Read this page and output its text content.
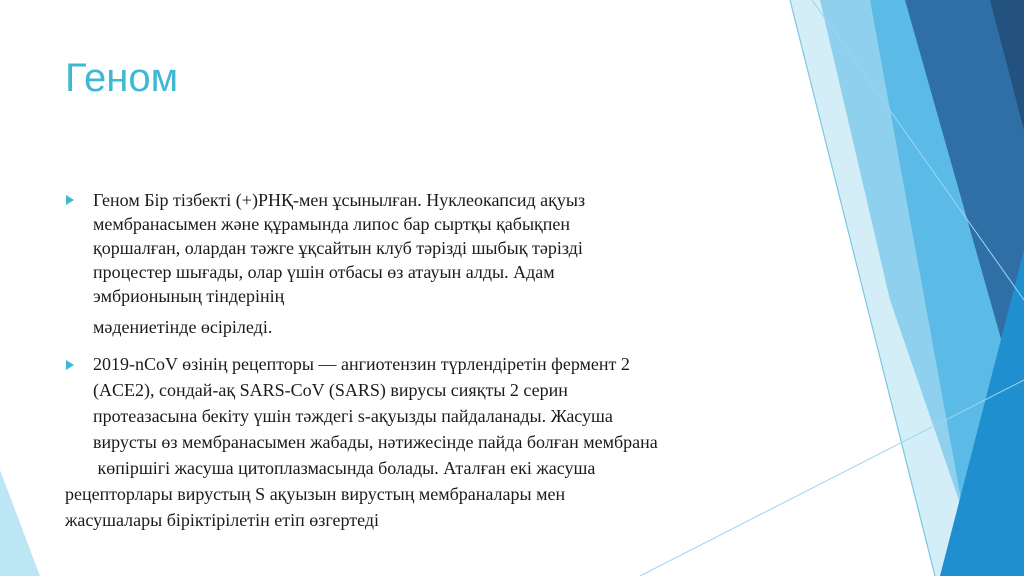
Геном
Геном Бір тізбекті (+)РНҚ-мен ұсынылған. Нуклеокапсид ақуыз
мембранасымен және құрамында липос бар сыртқы қабықпен
қоршалған, олардан тәжге ұқсайтын клуб тәрізді шыбық тәрізді
процестер шығады, олар үшін отбасы өз атауын алды. Адам
эмбрионының тіндерінің
мәдениетінде өсіріледі.
2019-nCoV өзінің рецепторы — ангиотензин түрлендіретін фермент 2
(ACE2), сондай-ақ SARS-CoV (SARS) вирусы сияқты 2 серин
протеазасына бекіту үшін тәждегі s-ақуызды пайдаланады. Жасуша
вирусты өз мембранасымен жабады, нәтижесінде пайда болған мембрана
көпіршігі жасуша цитоплазмасында болады. Аталған екі жасуша
рецепторлары вирустың S ақуызын вирустың мембраналары мен
жасушалары біріктірілетін етіп өзгертеді
